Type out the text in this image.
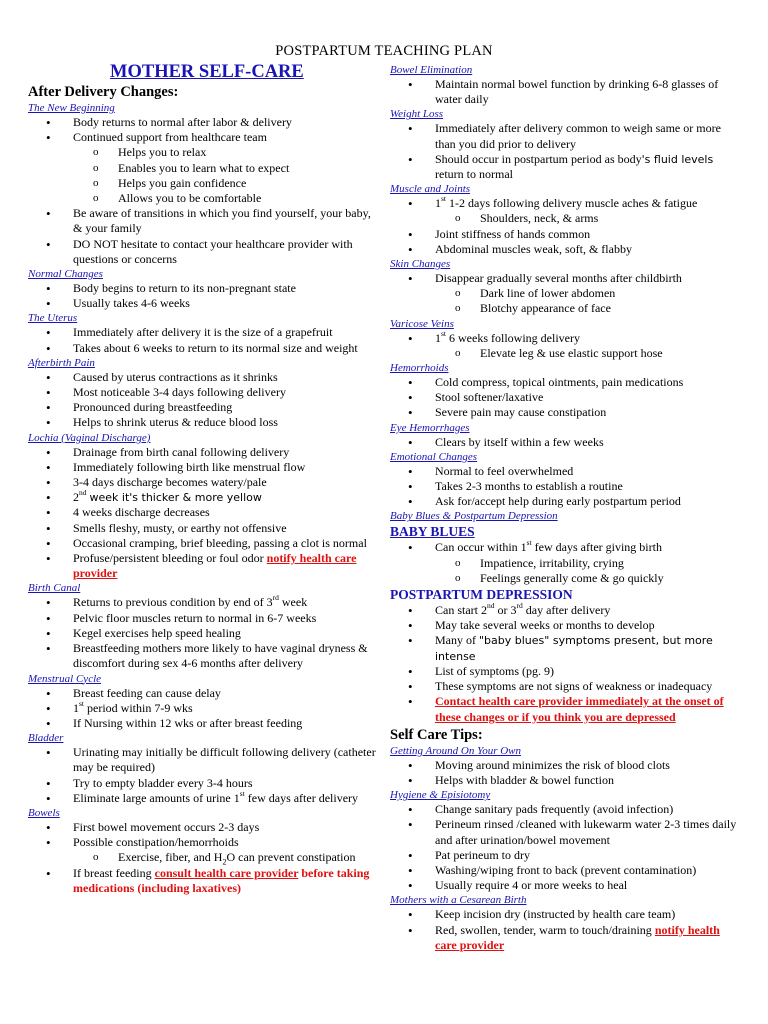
POSTPARTUM TEACHING PLAN
MOTHER SELF-CARE
After Delivery Changes:
The New Beginning
• Body returns to normal after labor & delivery
• Continued support from healthcare team
o Helps you to relax
o Enables you to learn what to expect
o Helps you gain confidence
o Allows you to be comfortable
• Be aware of transitions in which you find yourself, your baby, & your family
• DO NOT hesitate to contact your healthcare provider with questions or concerns
Normal Changes
• Body begins to return to its non-pregnant state
• Usually takes 4-6 weeks
The Uterus
• Immediately after delivery it is the size of a grapefruit
• Takes about 6 weeks to return to its normal size and weight
Afterbirth Pain
• Caused by uterus contractions as it shrinks
• Most noticeable 3-4 days following delivery
• Pronounced during breastfeeding
• Helps to shrink uterus & reduce blood loss
Lochia (Vaginal Discharge)
• Drainage from birth canal following delivery
• Immediately following birth like menstrual flow
• 3-4 days discharge becomes watery/pale
• 2nd week it's thicker & more yellow
• 4 weeks discharge decreases
• Smells fleshy, musty, or earthy not offensive
• Occasional cramping, brief bleeding, passing a clot is normal
• Profuse/persistent bleeding or foul odor notify health care provider
Birth Canal
• Returns to previous condition by end of 3rd week
• Pelvic floor muscles return to normal in 6-7 weeks
• Kegel exercises help speed healing
• Breastfeeding mothers more likely to have vaginal dryness & discomfort during sex 4-6 months after delivery
Menstrual Cycle
• Breast feeding can cause delay
• 1st period within 7-9 wks
• If Nursing within 12 wks or after breast feeding
Bladder
• Urinating may initially be difficult following delivery (catheter may be required)
• Try to empty bladder every 3-4 hours
• Eliminate large amounts of urine 1st few days after delivery
Bowels
• First bowel movement occurs 2-3 days
• Possible constipation/hemorrhoids
o Exercise, fiber, and $H_2O$ can prevent constipation
• If breast feeding consult health care provider before taking medications (including laxatives)
Bowel Elimination
• Maintain normal bowel function by drinking 6-8 glasses of water daily
Weight Loss
• Immediately after delivery common to weigh same or more than you did prior to delivery
• Should occur in postpartum period as body's fluid levels return to normal
Muscle and Joints
• 1st 1-2 days following delivery muscle aches & fatigue
o Shoulders, neck, & arms
• Joint stiffness of hands common
• Abdominal muscles weak, soft, & flabby
Skin Changes
• Disappear gradually several months after childbirth
o Dark line of lower abdomen
o Blotchy appearance of face
Varicose Veins
• 1st 6 weeks following delivery
o Elevate leg & use elastic support hose
Hemorrhoids
• Cold compress, topical ointments, pain medications
• Stool softener/laxative
• Severe pain may cause constipation
Eye Hemorrhages
• Clears by itself within a few weeks
Emotional Changes
• Normal to feel overwhelmed
• Takes 2-3 months to establish a routine
• Ask for/accept help during early postpartum period
Baby Blues & Postpartum Depression
BABY BLUES
• Can occur within 1st few days after giving birth
o Impatience, irritability, crying
o Feelings generally come & go quickly
POSTPARTUM DEPRESSION
• Can start 2nd or 3rd day after delivery
• May take several weeks or months to develop
• Many of "baby blues" symptoms present, but more intense
• List of symptoms (pg. 9)
• These symptoms are not signs of weakness or inadequacy
• Contact health care provider immediately at the onset of these changes or if you think you are depressed
Self Care Tips:
Getting Around On Your Own
• Moving around minimizes the risk of blood clots
• Helps with bladder & bowel function
Hygiene & Episiotomy
• Change sanitary pads frequently (avoid infection)
• Perineum rinsed /cleaned with lukewarm water 2-3 times daily and after urination/bowel movement
• Pat perineum to dry
• Washing/wiping front to back (prevent contamination)
• Usually require 4 or more weeks to heal
Mothers with a Cesarean Birth
• Keep incision dry (instructed by health care team)
• Red, swollen, tender, warm to touch/draining notify health care provider
